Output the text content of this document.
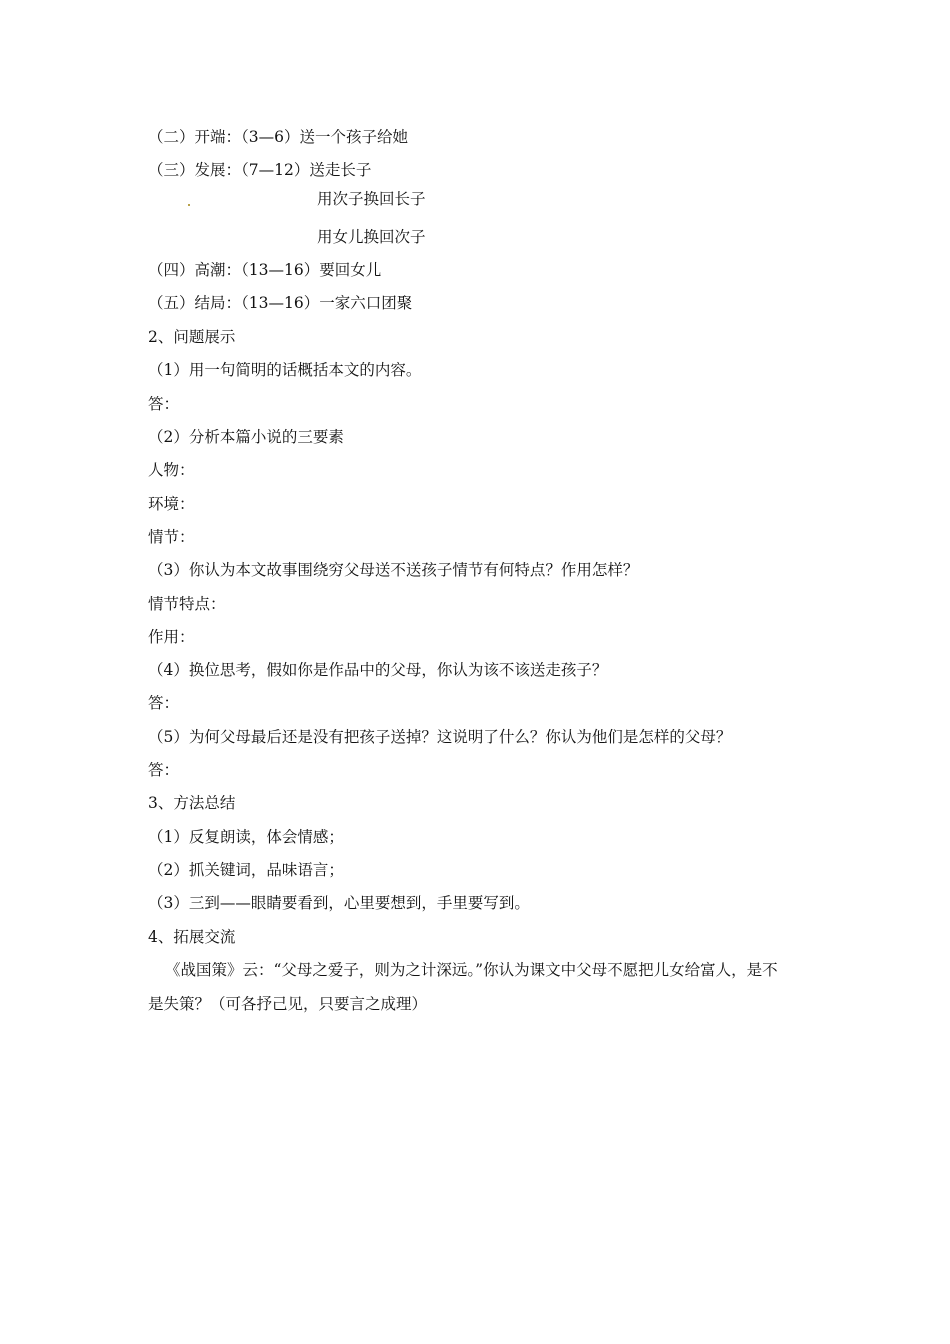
（二）开端：（3—6）送一个孩子给她
（三）发展：（7—12）送走长子
用次子换回长子
用女儿换回次子
（四）高潮：（13—16）要回女儿
（五）结局：（13—16）一家六口团聚
2、问题展示
（1）用一句简明的话概括本文的内容。
答：
（2）分析本篇小说的三要素
人物：
环境：
情节：
（3）你认为本文故事围绕穷父母送不送孩子情节有何特点？作用怎样？
情节特点：
作用：
（4）换位思考，假如你是作品中的父母，你认为该不该送走孩子？
答：
（5）为何父母最后还是没有把孩子送掉？这说明了什么？你认为他们是怎样的父母？
答：
3、方法总结
（1）反复朗读，体会情感；
（2）抓关键词，品味语言；
（3）三到——眼睛要看到，心里要想到，手里要写到。
4、拓展交流
《战国策》云：“父母之爱子，则为之计深远。”你认为课文中父母不愿把儿女给富人，是不
是失策？（可各抒己见，只要言之成理）
